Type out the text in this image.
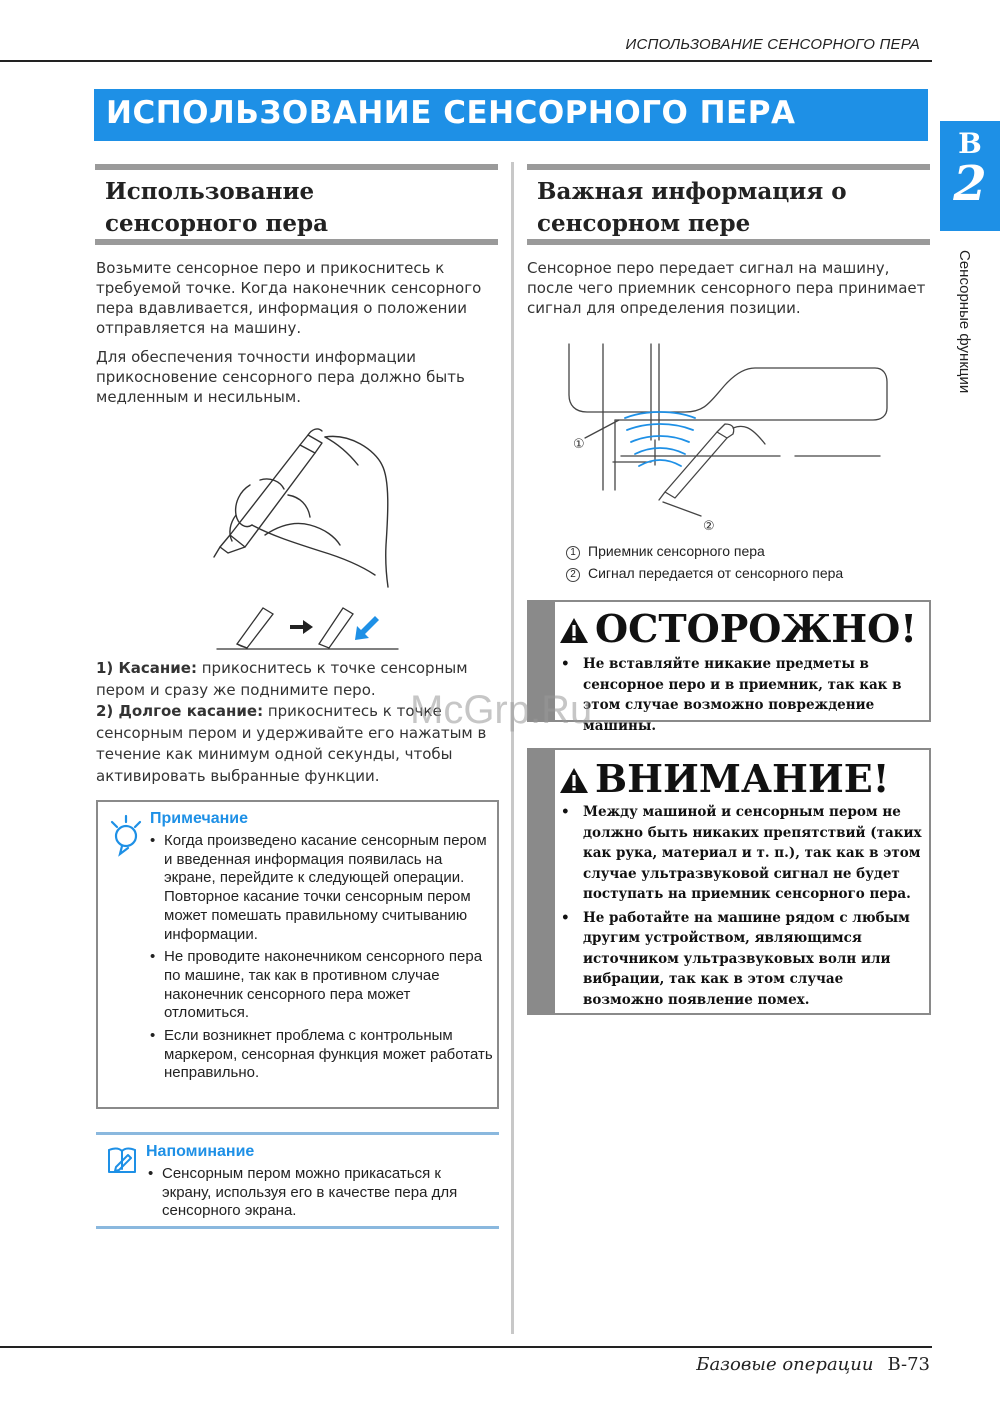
ИСПОЛЬЗОВАНИЕ СЕНСОРНОГО ПЕРА
ИСПОЛЬЗОВАНИЕ СЕНСОРНОГО ПЕРА
B
2
Сенсорные функции
Использование сенсорного пера

Возьмите сенсорное перо и прикоснитесь к требуемой точке. Когда наконечник сенсорного пера вдавливается, информация о положении отправляется на машину.

Для обеспечения точности информации прикосновение сенсорного пера должно быть медленным и несильным.

1) Касание: прикоснитесь к точке сенсорным пером и сразу же поднимите перо.

2) Долгое касание: прикоснитесь к точке сенсорным пером и удерживайте его нажатым в течение как минимум одной секунды, чтобы активировать выбранные функции.

Примечание
• Когда произведено касание сенсорным пером и введенная информация появилась на экране, перейдите к следующей операции. Повторное касание точки сенсорным пером может помешать правильному считыванию информации.
• Не проводите наконечником сенсорного пера по машине, так как в противном случае наконечник сенсорного пера может отломиться.
• Если возникнет проблема с контрольным маркером, сенсорная функция может работать неправильно.
Напоминание
• Сенсорным пером можно прикасаться к экрану, используя его в качестве пера для сенсорного экрана.
Важная информация о сенсорном пере

Сенсорное перо передает сигнал на машину, после чего приемник сенсорного пера принимает сигнал для определения позиции.

①
②
1 Приемник сенсорного пера
2 Сигнал передается от сенсорного пера
ОСТОРОЖНО!
• Не вставляйте никакие предметы в сенсорное перо и в приемник, так как в этом случае возможно повреждение машины.
ВНИМАНИЕ!
• Между машиной и сенсорным пером не должно быть никаких препятствий (таких как рука, материал и т. п.), так как в этом случае ультразвуковой сигнал не будет поступать на приемник сенсорного пера.
• Не работайте на машине рядом с любым другим устройством, являющимся источником ультразвуковых волн или вибрации, так как в этом случае возможно появление помех.
McGrp.Ru
Базовые операции B-73
